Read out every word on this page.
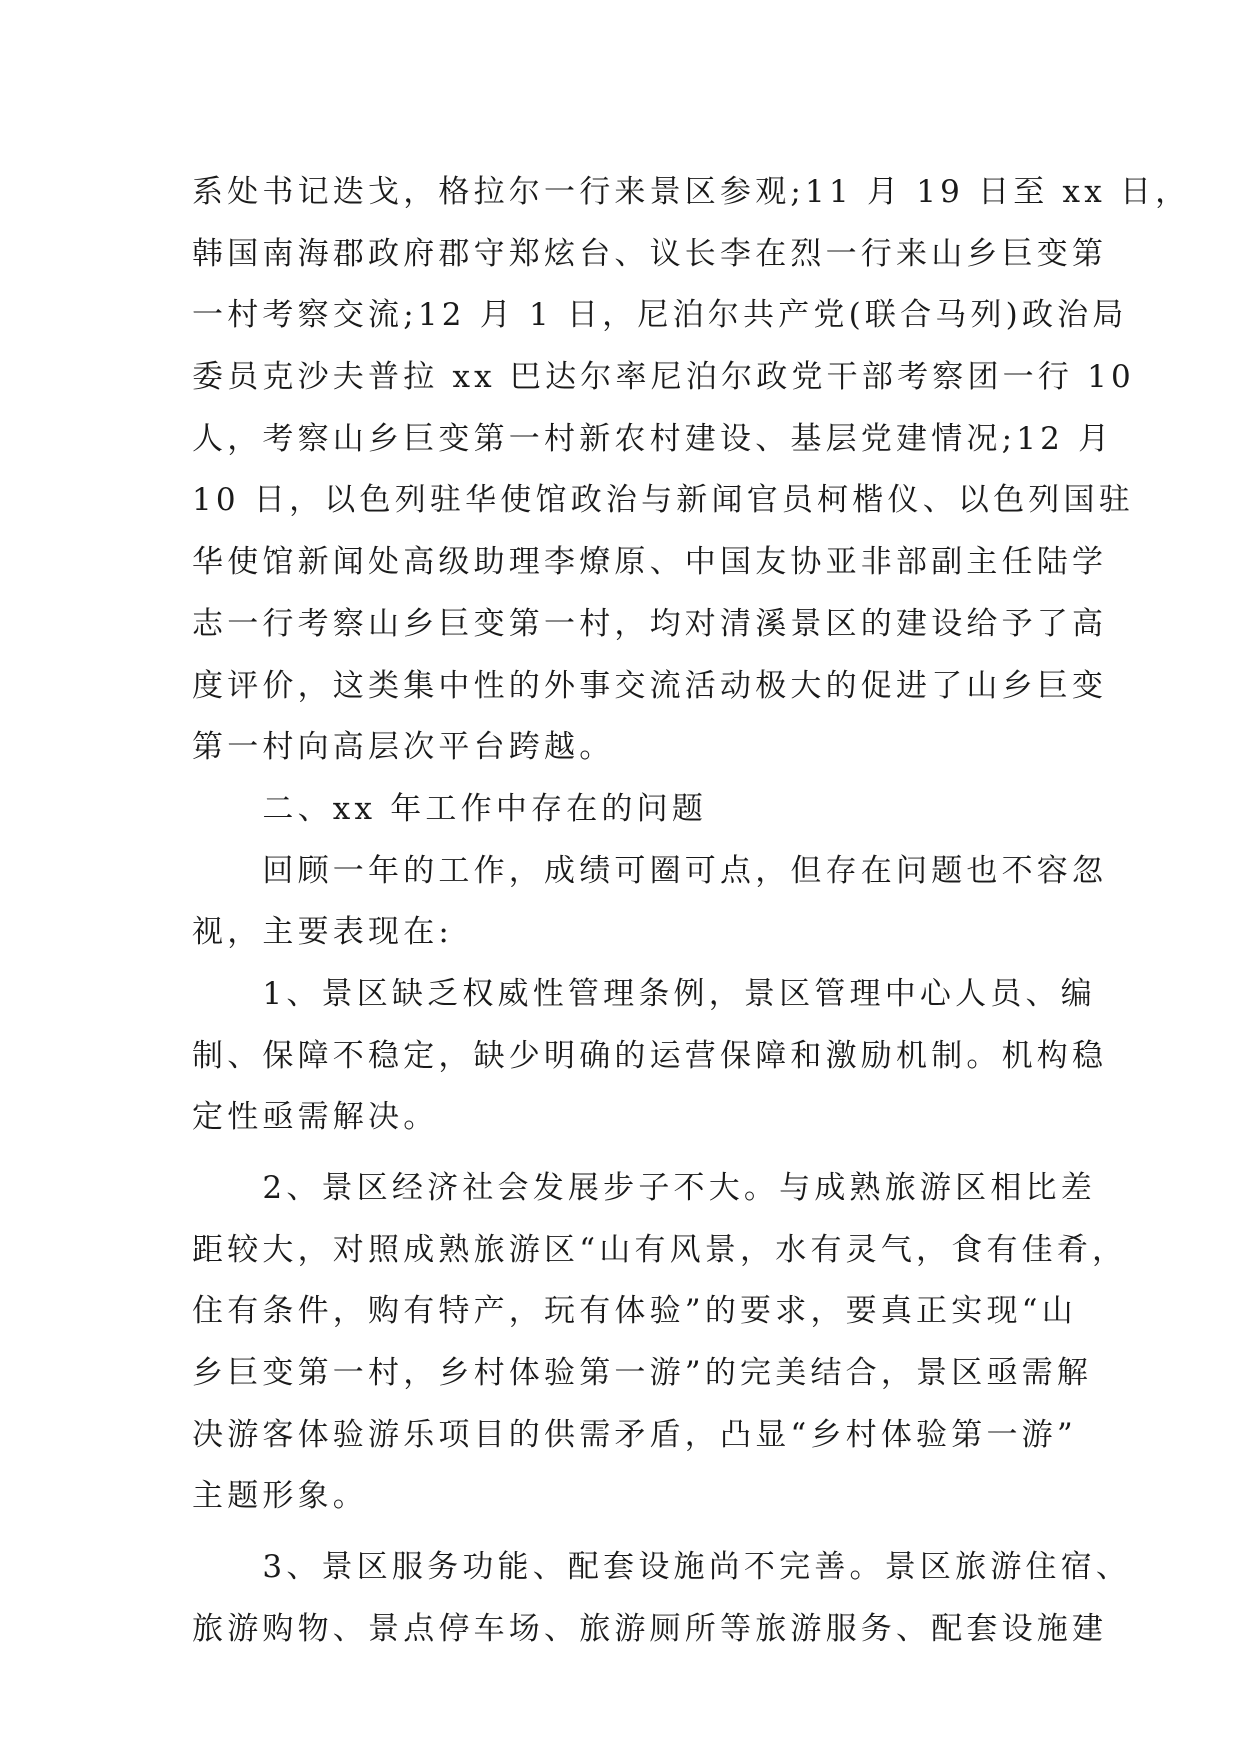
系处书记迭戈，格拉尔一行来景区参观;11 月 19 日至 xx 日，
韩国南海郡政府郡守郑炫台、议长李在烈一行来山乡巨变第
一村考察交流;12 月 1 日，尼泊尔共产党(联合马列)政治局
委员克沙夫普拉 xx 巴达尔率尼泊尔政党干部考察团一行 10
人，考察山乡巨变第一村新农村建设、基层党建情况;12 月
10 日，以色列驻华使馆政治与新闻官员柯楷仪、以色列国驻
华使馆新闻处高级助理李燎原、中国友协亚非部副主任陆学
志一行考察山乡巨变第一村，均对清溪景区的建设给予了高
度评价，这类集中性的外事交流活动极大的促进了山乡巨变
第一村向高层次平台跨越。
　　二、xx 年工作中存在的问题
　　回顾一年的工作，成绩可圈可点，但存在问题也不容忽
视，主要表现在:
　　1、景区缺乏权威性管理条例，景区管理中心人员、编
制、保障不稳定，缺少明确的运营保障和激励机制。机构稳
定性亟需解决。
　　2、景区经济社会发展步子不大。与成熟旅游区相比差
距较大，对照成熟旅游区“山有风景，水有灵气，食有佳肴，
住有条件，购有特产，玩有体验”的要求，要真正实现“山
乡巨变第一村，乡村体验第一游”的完美结合，景区亟需解
决游客体验游乐项目的供需矛盾，凸显“乡村体验第一游”
主题形象。
　　3、景区服务功能、配套设施尚不完善。景区旅游住宿、
旅游购物、景点停车场、旅游厕所等旅游服务、配套设施建
